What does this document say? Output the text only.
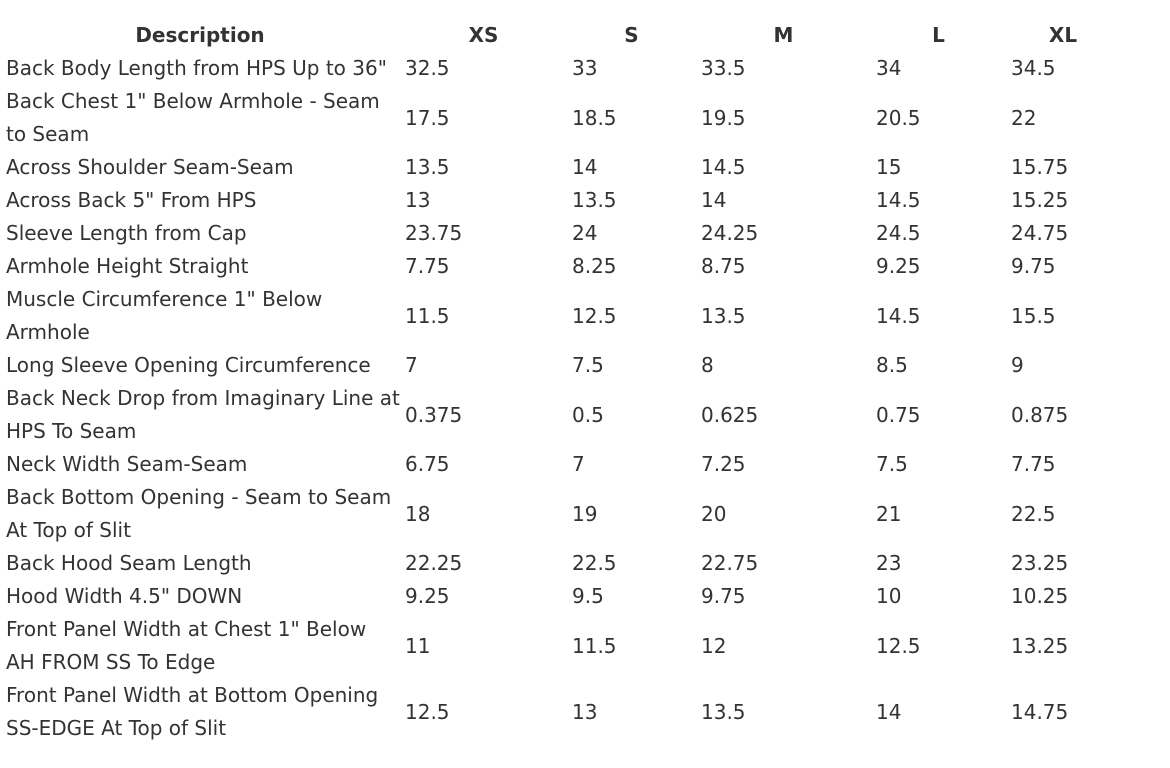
Description	XS	S	M	L	XL
Back Body Length from HPS Up to 36"	32.5	33	33.5	34	34.5
Back Chest 1" Below Armhole - Seam to Seam	17.5	18.5	19.5	20.5	22
Across Shoulder Seam-Seam	13.5	14	14.5	15	15.75
Across Back 5" From HPS	13	13.5	14	14.5	15.25
Sleeve Length from Cap	23.75	24	24.25	24.5	24.75
Armhole Height Straight	7.75	8.25	8.75	9.25	9.75
Muscle Circumference 1" Below Armhole	11.5	12.5	13.5	14.5	15.5
Long Sleeve Opening Circumference	7	7.5	8	8.5	9
Back Neck Drop from Imaginary Line at HPS To Seam	0.375	0.5	0.625	0.75	0.875
Neck Width Seam-Seam	6.75	7	7.25	7.5	7.75
Back Bottom Opening - Seam to Seam At Top of Slit	18	19	20	21	22.5
Back Hood Seam Length	22.25	22.5	22.75	23	23.25
Hood Width 4.5" DOWN	9.25	9.5	9.75	10	10.25
Front Panel Width at Chest 1" Below AH FROM SS To Edge	11	11.5	12	12.5	13.25
Front Panel Width at Bottom Opening SS-EDGE At Top of Slit	12.5	13	13.5	14	14.75
